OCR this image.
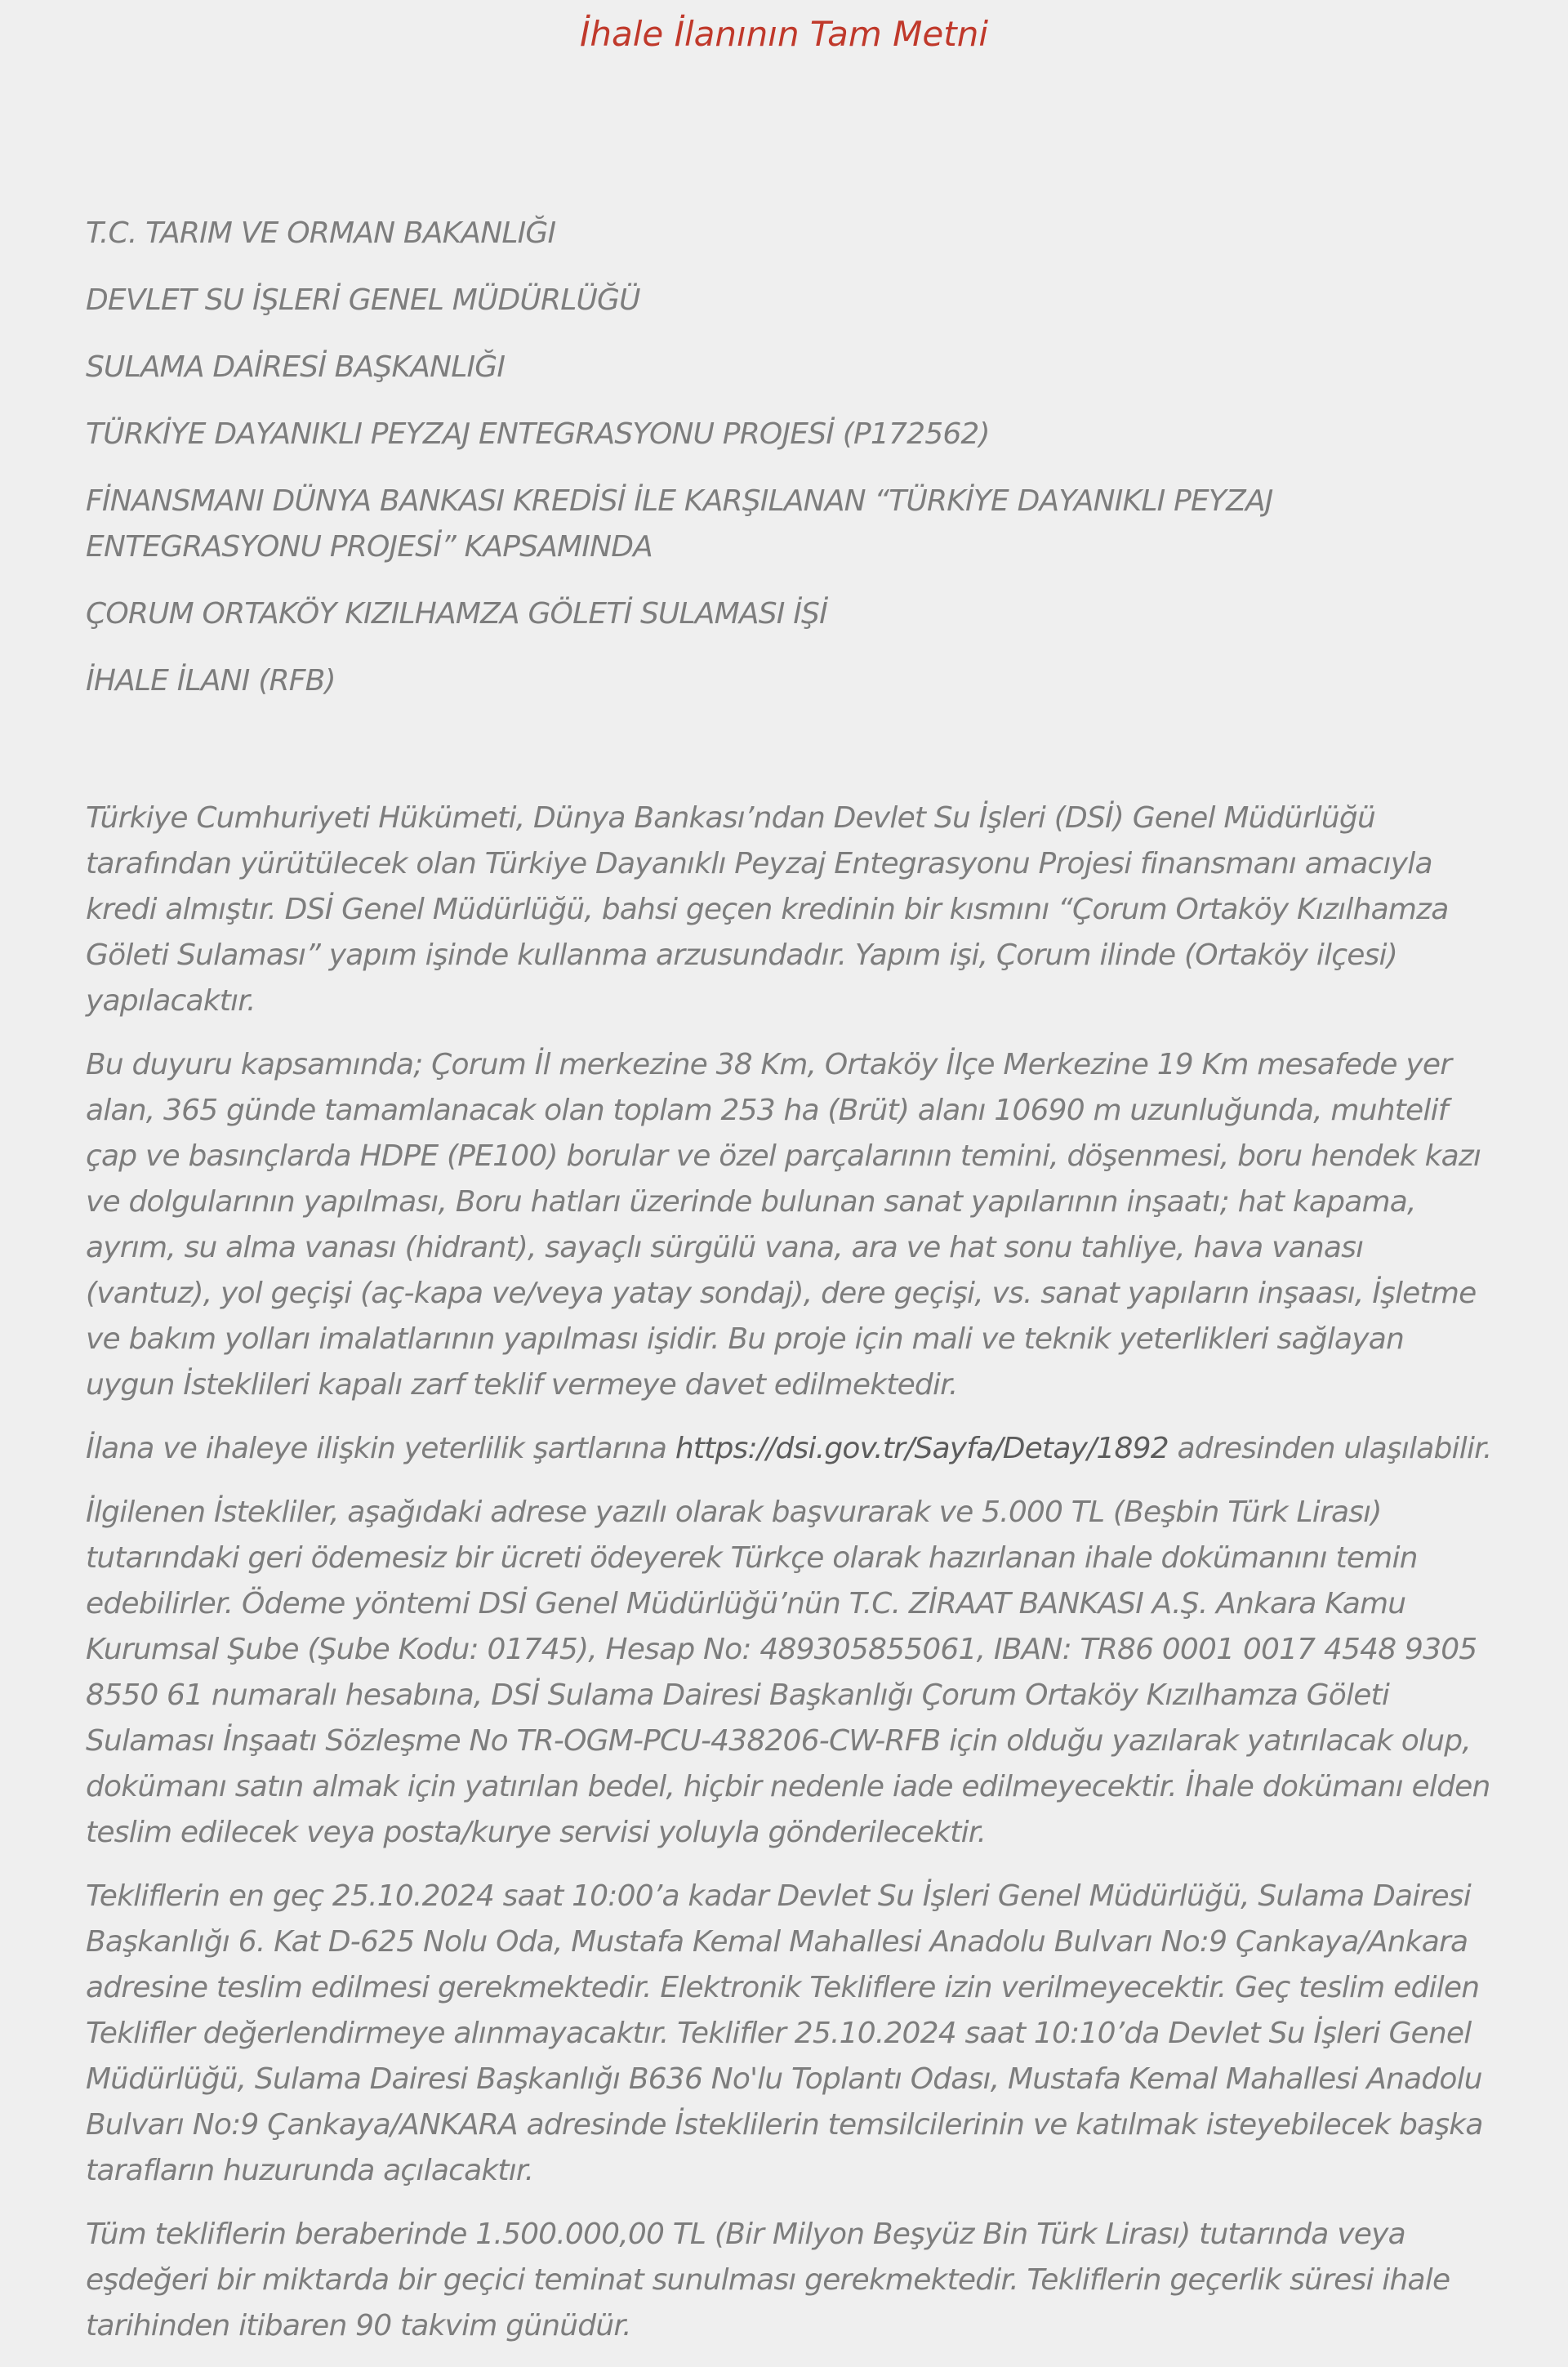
İhale İlanının Tam Metni

T.C. TARIM VE ORMAN BAKANLIĞI

DEVLET SU İŞLERİ GENEL MÜDÜRLÜĞÜ

SULAMA DAİRESİ BAŞKANLIĞI

TÜRKİYE DAYANIKLI PEYZAJ ENTEGRASYONU PROJESİ (P172562)

FİNANSMANI DÜNYA BANKASI KREDİSİ İLE KARŞILANAN “TÜRKİYE DAYANIKLI PEYZAJ ENTEGRASYONU PROJESİ” KAPSAMINDA

ÇORUM ORTAKÖY KIZILHAMZA GÖLETİ SULAMASI İŞİ

İHALE İLANI (RFB)

Türkiye Cumhuriyeti Hükümeti, Dünya Bankası’ndan Devlet Su İşleri (DSİ) Genel Müdürlüğü tarafından yürütülecek olan Türkiye Dayanıklı Peyzaj Entegrasyonu Projesi finansmanı amacıyla kredi almıştır. DSİ Genel Müdürlüğü, bahsi geçen kredinin bir kısmını “Çorum Ortaköy Kızılhamza Göleti Sulaması” yapım işinde kullanma arzusundadır. Yapım işi, Çorum ilinde (Ortaköy ilçesi) yapılacaktır.

Bu duyuru kapsamında; Çorum İl merkezine 38 Km, Ortaköy İlçe Merkezine 19 Km mesafede yer alan, 365 günde tamamlanacak olan toplam 253 ha (Brüt) alanı 10690 m uzunluğunda, muhtelif çap ve basınçlarda HDPE (PE100) borular ve özel parçalarının temini, döşenmesi, boru hendek kazı ve dolgularının yapılması, Boru hatları üzerinde bulunan sanat yapılarının inşaatı; hat kapama, ayrım, su alma vanası (hidrant), sayaçlı sürgülü vana, ara ve hat sonu tahliye, hava vanası (vantuz), yol geçişi (aç-kapa ve/veya yatay sondaj), dere geçişi, vs. sanat yapıların inşaası, İşletme ve bakım yolları imalatlarının yapılması işidir. Bu proje için mali ve teknik yeterlikleri sağlayan uygun İsteklileri kapalı zarf teklif vermeye davet edilmektedir.

İlana ve ihaleye ilişkin yeterlilik şartlarına https://dsi.gov.tr/Sayfa/Detay/1892 adresinden ulaşılabilir.

İlgilenen İstekliler, aşağıdaki adrese yazılı olarak başvurarak ve 5.000 TL (Beşbin Türk Lirası) tutarındaki geri ödemesiz bir ücreti ödeyerek Türkçe olarak hazırlanan ihale dokümanını temin edebilirler. Ödeme yöntemi DSİ Genel Müdürlüğü’nün T.C. ZİRAAT BANKASI A.Ş. Ankara Kamu Kurumsal Şube (Şube Kodu: 01745), Hesap No: 489305855061, IBAN: TR86 0001 0017 4548 9305 8550 61 numaralı hesabına, DSİ Sulama Dairesi Başkanlığı Çorum Ortaköy Kızılhamza Göleti Sulaması İnşaatı Sözleşme No TR-OGM-PCU-438206-CW-RFB için olduğu yazılarak yatırılacak olup, dokümanı satın almak için yatırılan bedel, hiçbir nedenle iade edilmeyecektir. İhale dokümanı elden teslim edilecek veya posta/kurye servisi yoluyla gönderilecektir.

Tekliflerin en geç 25.10.2024 saat 10:00’a kadar Devlet Su İşleri Genel Müdürlüğü, Sulama Dairesi Başkanlığı 6. Kat D-625 Nolu Oda, Mustafa Kemal Mahallesi Anadolu Bulvarı No:9 Çankaya/Ankara adresine teslim edilmesi gerekmektedir. Elektronik Tekliflere izin verilmeyecektir. Geç teslim edilen Teklifler değerlendirmeye alınmayacaktır. Teklifler 25.10.2024 saat 10:10’da Devlet Su İşleri Genel Müdürlüğü, Sulama Dairesi Başkanlığı B636 No'lu Toplantı Odası, Mustafa Kemal Mahallesi Anadolu Bulvarı No:9 Çankaya/ANKARA adresinde İsteklilerin temsilcilerinin ve katılmak isteyebilecek başka tarafların huzurunda açılacaktır.

Tüm tekliflerin beraberinde 1.500.000,00 TL (Bir Milyon Beşyüz Bin Türk Lirası) tutarında veya eşdeğeri bir miktarda bir geçici teminat sunulması gerekmektedir. Tekliflerin geçerlik süresi ihale tarihinden itibaren 90 takvim günüdür.
